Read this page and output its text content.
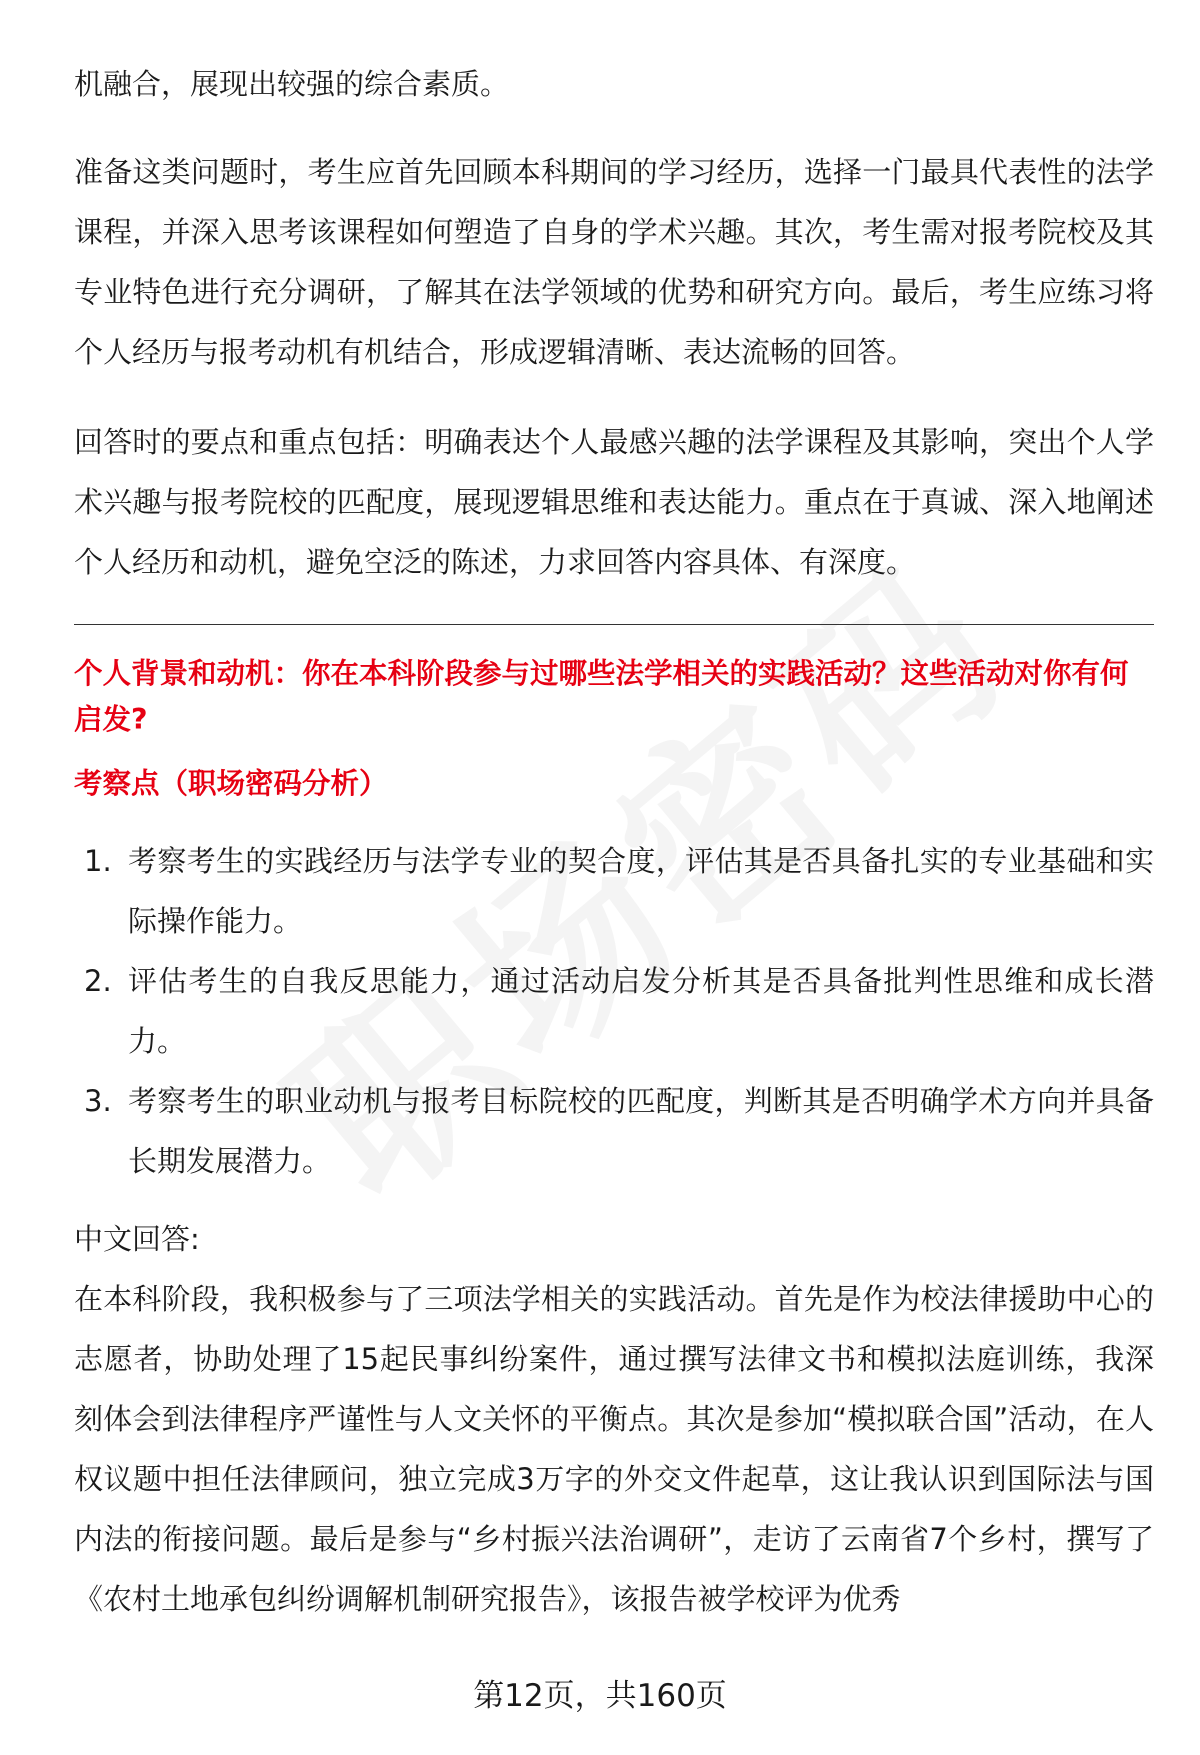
机融合，展现出较强的综合素质。

准备这类问题时，考生应首先回顾本科期间的学习经历，选择一门最具代表性的法学课程，并深入思考该课程如何塑造了自身的学术兴趣。其次，考生需对报考院校及其专业特色进行充分调研，了解其在法学领域的优势和研究方向。最后，考生应练习将个人经历与报考动机有机结合，形成逻辑清晰、表达流畅的回答。

回答时的要点和重点包括：明确表达个人最感兴趣的法学课程及其影响，突出个人学术兴趣与报考院校的匹配度，展现逻辑思维和表达能力。重点在于真诚、深入地阐述个人经历和动机，避免空泛的陈述，力求回答内容具体、有深度。

个人背景和动机：你在本科阶段参与过哪些法学相关的实践活动？这些活动对你有何启发?

考察点（职场密码分析）

1. 考察考生的实践经历与法学专业的契合度，评估其是否具备扎实的专业基础和实际操作能力。
2. 评估考生的自我反思能力，通过活动启发分析其是否具备批判性思维和成长潜力。
3. 考察考生的职业动机与报考目标院校的匹配度，判断其是否明确学术方向并具备长期发展潜力。

中文回答:

在本科阶段，我积极参与了三项法学相关的实践活动。首先是作为校法律援助中心的志愿者，协助处理了15起民事纠纷案件，通过撰写法律文书和模拟法庭训练，我深刻体会到法律程序严谨性与人文关怀的平衡点。其次是参加“模拟联合国”活动，在人权议题中担任法律顾问，独立完成3万字的外交文件起草，这让我认识到国际法与国内法的衔接问题。最后是参与“乡村振兴法治调研”，走访了云南省7个乡村，撰写了《农村土地承包纠纷调解机制研究报告》，该报告被学校评为优秀

第12页，共160页
